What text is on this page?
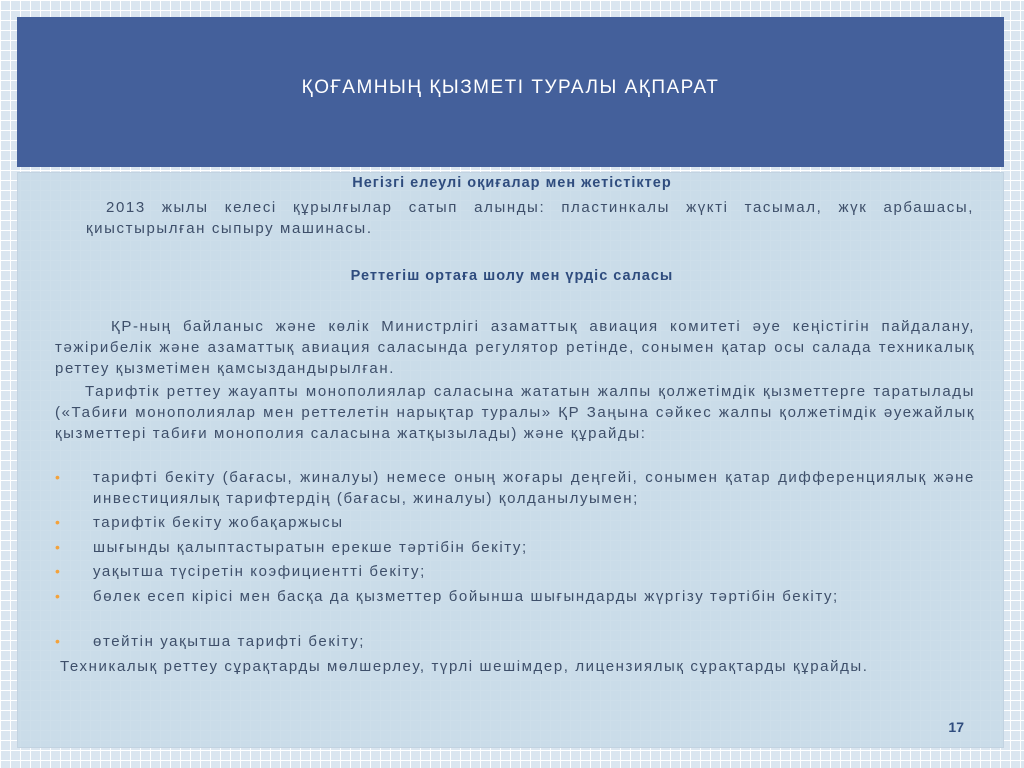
ҚОҒАМНЫҢ ҚЫЗМЕТІ ТУРАЛЫ АҚПАРАТ
Негізгі елеулі оқиғалар мен жетістіктер

2013 жылы келесі құрылғылар сатып алынды: пластинкалы жүкті тасымал, жүк арбашасы, қиыстырылған сыпыру машинасы.

Реттегіш ортаға шолу мен үрдіс саласы

ҚР-ның байланыс және көлік Министрлігі азаматтық авиация комитеті әуе кеңістігін пайдалану, тәжірибелік және азаматтық авиация саласында регулятор ретінде, сонымен қатар осы салада техникалық реттеу қызметімен қамсыздандырылған.

Тарифтік реттеу жауапты монополиялар саласына жататын жалпы қолжетімдік қызметтерге таратылады («Табиғи монополиялар мен реттелетін нарықтар туралы» ҚР Заңына сәйкес жалпы қолжетімдік әуежайлық қызметтері табиғи монополия саласына жатқызылады) және құрайды:

• тарифті бекіту (бағасы, жиналуы) немесе оның жоғары деңгейі, сонымен қатар дифференциялық және инвестициялық тарифтердің (бағасы, жиналуы) қолданылуымен;

• тарифтік бекіту жобақаржысы

• шығынды қалыптастыратын ерекше тәртібін бекіту;

• уақытша түсіретін коэфициентті бекіту;

• бөлек есеп кірісі мен басқа да қызметтер бойынша шығындарды жүргізу тәртібін бекіту;

• өтейтін уақытша тарифті бекіту;

Техникалық реттеу сұрақтарды мөлшерлеу, түрлі шешімдер, лицензиялық сұрақтарды құрайды.

17
